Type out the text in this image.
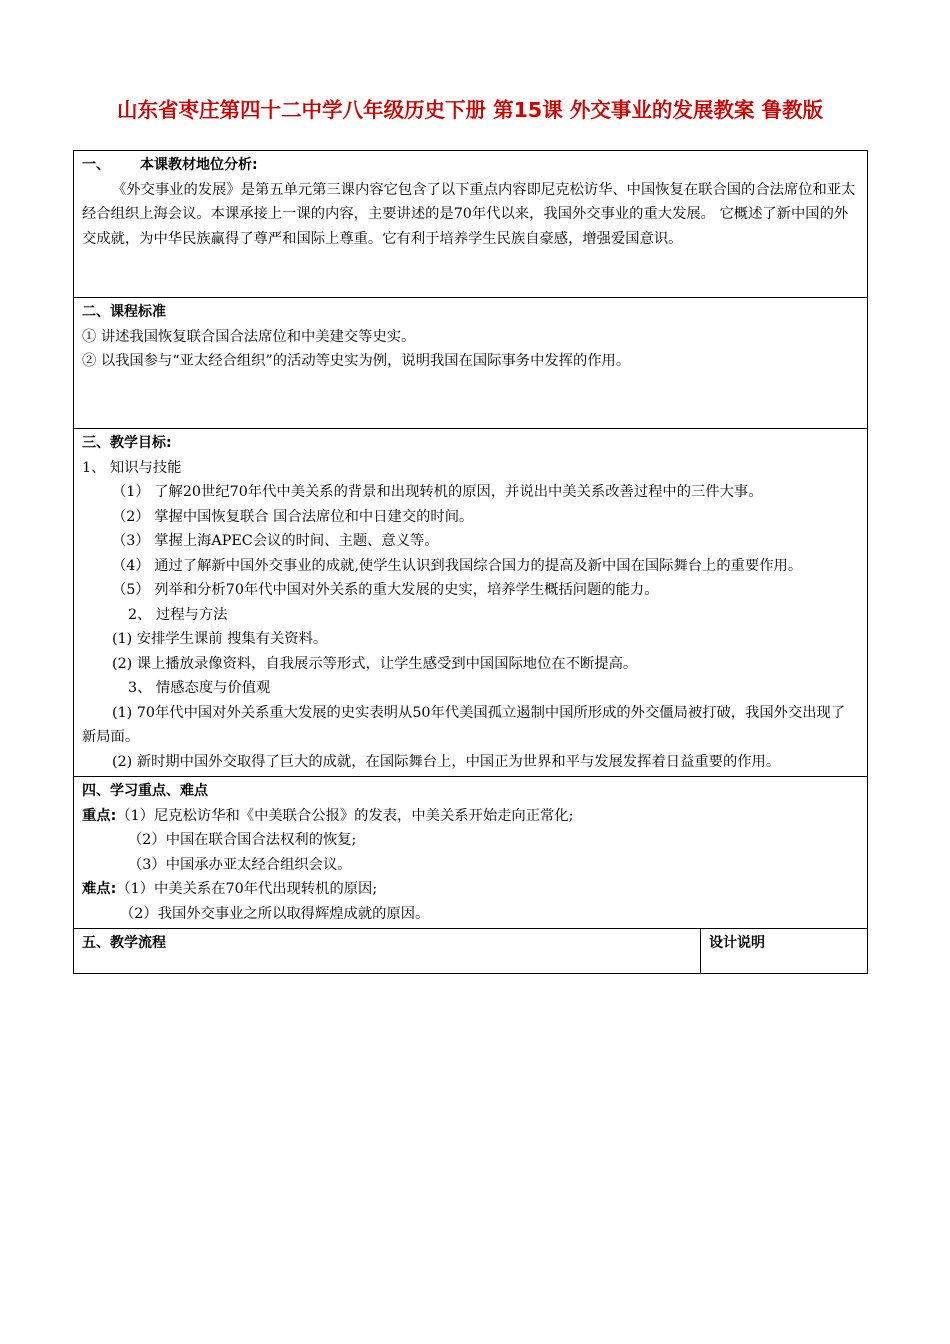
山东省枣庄第四十二中学八年级历史下册 第15课 外交事业的发展教案 鲁教版

一、 本课教材地位分析:

《外交事业的发展》是第五单元第三课内容它包含了以下重点内容即尼克松访华、中国恢复在联合国的合法席位和亚太经合组织上海会议。本课承接上一课的内容，主要讲述的是70年代以来，我国外交事业的重大发展。 它概述了新中国的外交成就，为中华民族赢得了尊严和国际上尊重。它有利于培养学生民族自豪感，增强爱国意识。

二、课程标准

① 讲述我国恢复联合国合法席位和中美建交等史实。

② 以我国参与“亚太经合组织”的活动等史实为例，说明我国在国际事务中发挥的作用。

三、教学目标:

1、 知识与技能

（1） 了解20世纪70年代中美关系的背景和出现转机的原因，并说出中美关系改善过程中的三件大事。

（2） 掌握中国恢复联合 国合法席位和中日建交的时间。

（3） 掌握上海APEC会议的时间、主题、意义等。

（4） 通过了解新中国外交事业的成就,使学生认识到我国综合国力的提高及新中国在国际舞台上的重要作用。

（5） 列举和分析70年代中国对外关系的重大发展的史实，培养学生概括问题的能力。

2、 过程与方法

(1) 安排学生课前 搜集有关资料。

(2) 课上播放录像资料，自我展示等形式，让学生感受到中国国际地位在不断提高。

3、 情感态度与价值观

(1) 70年代中国对外关系重大发展的史实表明从50年代美国孤立遏制中国所形成的外交僵局被打破，我国外交出现了新局面。

(2) 新时期中国外交取得了巨大的成就，在国际舞台上，中国正为世界和平与发展发挥着日益重要的作用。

四、学习重点、难点

重点:（1）尼克松访华和《中美联合公报》的发表，中美关系开始走向正常化;

（2）中国在联合国合法权利的恢复;

（3）中国承办亚太经合组织会议。

难点:（1）中美关系在70年代出现转机的原因;

（2）我国外交事业之所以取得辉煌成就的原因。

五、教学流程	设计说明
